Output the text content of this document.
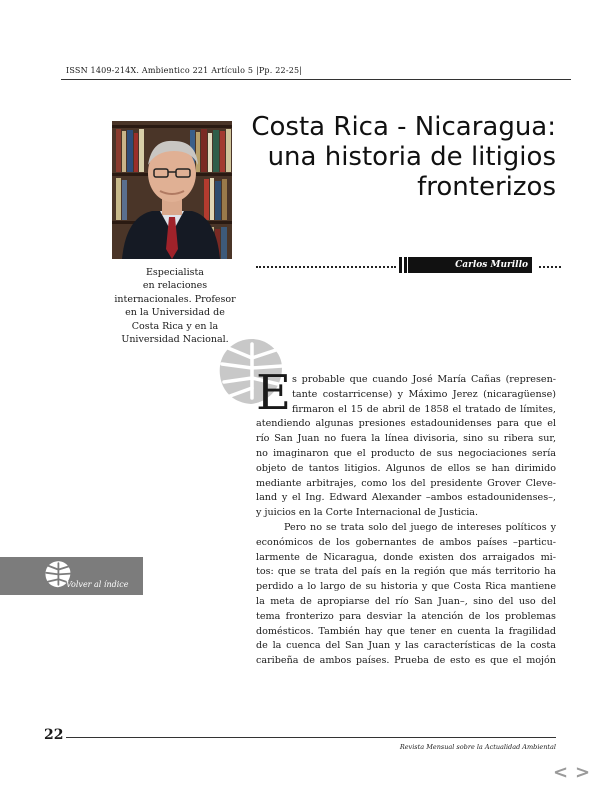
ISSN 1409-214X. Ambientico 221 Artículo 5 |Pp. 22-25|
Especialista
en relaciones
internacionales. Profesor
en la Universidad de
Costa Rica y en la
Universidad Nacional.
Costa Rica - Nicaragua:
una historia de litigios
fronterizos
Carlos Murillo
E s probable que cuando José María Cañas (represen-
tante costarricense) y Máximo Jerez (nicaragüense)
firmaron el 15 de abril de 1858 el tratado de límites,
atendiendo algunas presiones estadounidenses para que el
río San Juan no fuera la línea divisoria, sino su ribera sur,
no imaginaron que el producto de sus negociaciones sería
objeto de tantos litigios. Algunos de ellos se han dirimido
mediante arbitrajes, como los del presidente Grover Cleve-
land y el Ing. Edward Alexander –ambos estadounidenses–,
y juicios en la Corte Internacional de Justicia.
Pero no se trata solo del juego de intereses políticos y
económicos de los gobernantes de ambos países –particu-
larmente de Nicaragua, donde existen dos arraigados mi-
tos: que se trata del país en la región que más territorio ha
perdido a lo largo de su historia y que Costa Rica mantiene
la meta de apropiarse del río San Juan–, sino del uso del
tema fronterizo para desviar la atención de los problemas
domésticos. También hay que tener en cuenta la fragilidad
de la cuenca del San Juan y las características de la costa
caribeña de ambos países. Prueba de esto es que el mojón
Volver al índice
22
Revista Mensual sobre la Actualidad Ambiental
< >
